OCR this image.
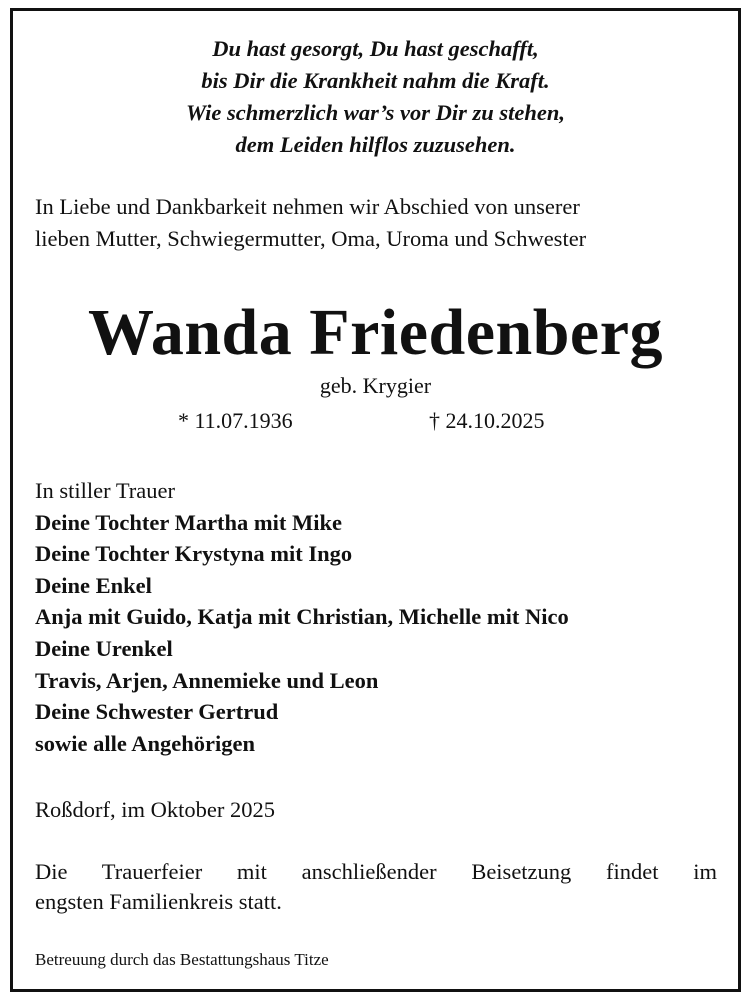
Du hast gesorgt, Du hast geschafft,
bis Dir die Krankheit nahm die Kraft.
Wie schmerzlich war’s vor Dir zu stehen,
dem Leiden hilflos zuzusehen.
In Liebe und Dankbarkeit nehmen wir Abschied von unserer
lieben Mutter, Schwiegermutter, Oma, Uroma und Schwester
Wanda Friedenberg
geb. Krygier
* 11.07.1936	† 24.10.2025
In stiller Trauer
Deine Tochter Martha mit Mike
Deine Tochter Krystyna mit Ingo
Deine Enkel
Anja mit Guido, Katja mit Christian, Michelle mit Nico
Deine Urenkel
Travis, Arjen, Annemieke und Leon
Deine Schwester Gertrud
sowie alle Angehörigen
Roßdorf, im Oktober 2025
Die Trauerfeier mit anschließender Beisetzung findet im
engsten Familienkreis statt.
Betreuung durch das Bestattungshaus Titze
